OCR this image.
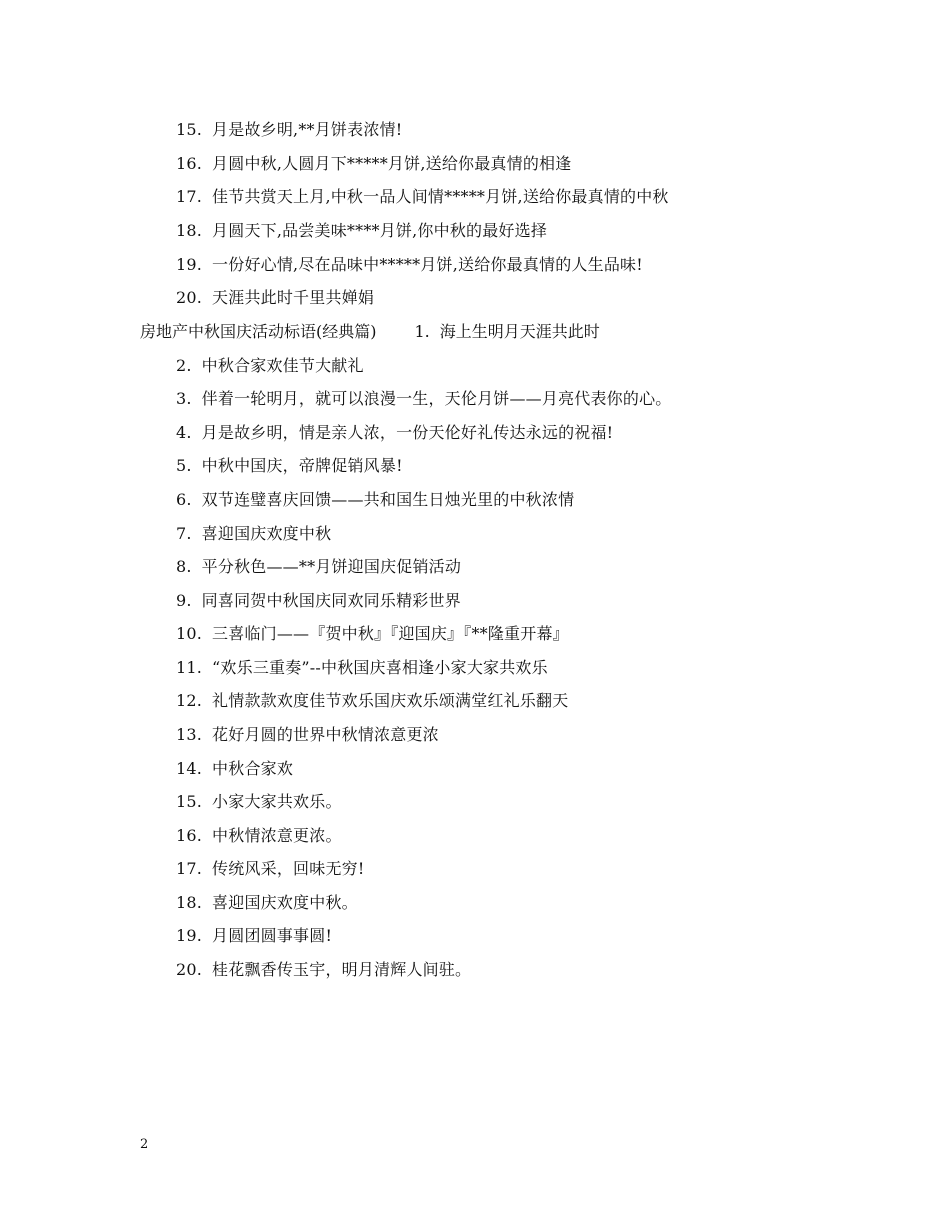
15. 月是故乡明,**月饼表浓情!
16. 月圆中秋,人圆月下*****月饼,送给你最真情的相逢
17. 佳节共赏天上月,中秋一品人间情*****月饼,送给你最真情的中秋
18. 月圆天下,品尝美味****月饼,你中秋的最好选择
19. 一份好心情,尽在品味中*****月饼,送给你最真情的人生品味!
20. 天涯共此时千里共婵娟
房地产中秋国庆活动标语(经典篇) 1. 海上生明月天涯共此时
2. 中秋合家欢佳节大献礼
3. 伴着一轮明月，就可以浪漫一生，天伦月饼——月亮代表你的心。
4. 月是故乡明，情是亲人浓，一份天伦好礼传达永远的祝福!
5. 中秋中国庆，帝牌促销风暴!
6. 双节连璧喜庆回馈——共和国生日烛光里的中秋浓情
7. 喜迎国庆欢度中秋
8. 平分秋色——**月饼迎国庆促销活动
9. 同喜同贺中秋国庆同欢同乐精彩世界
10. 三喜临门——『贺中秋』『迎国庆』『**隆重开幕』
11. “欢乐三重奏”--中秋国庆喜相逢小家大家共欢乐
12. 礼情款款欢度佳节欢乐国庆欢乐颂满堂红礼乐翻天
13. 花好月圆的世界中秋情浓意更浓
14. 中秋合家欢
15. 小家大家共欢乐。
16. 中秋情浓意更浓。
17. 传统风采，回味无穷!
18. 喜迎国庆欢度中秋。
19. 月圆团圆事事圆!
20. 桂花飘香传玉宇，明月清辉人间驻。
2
